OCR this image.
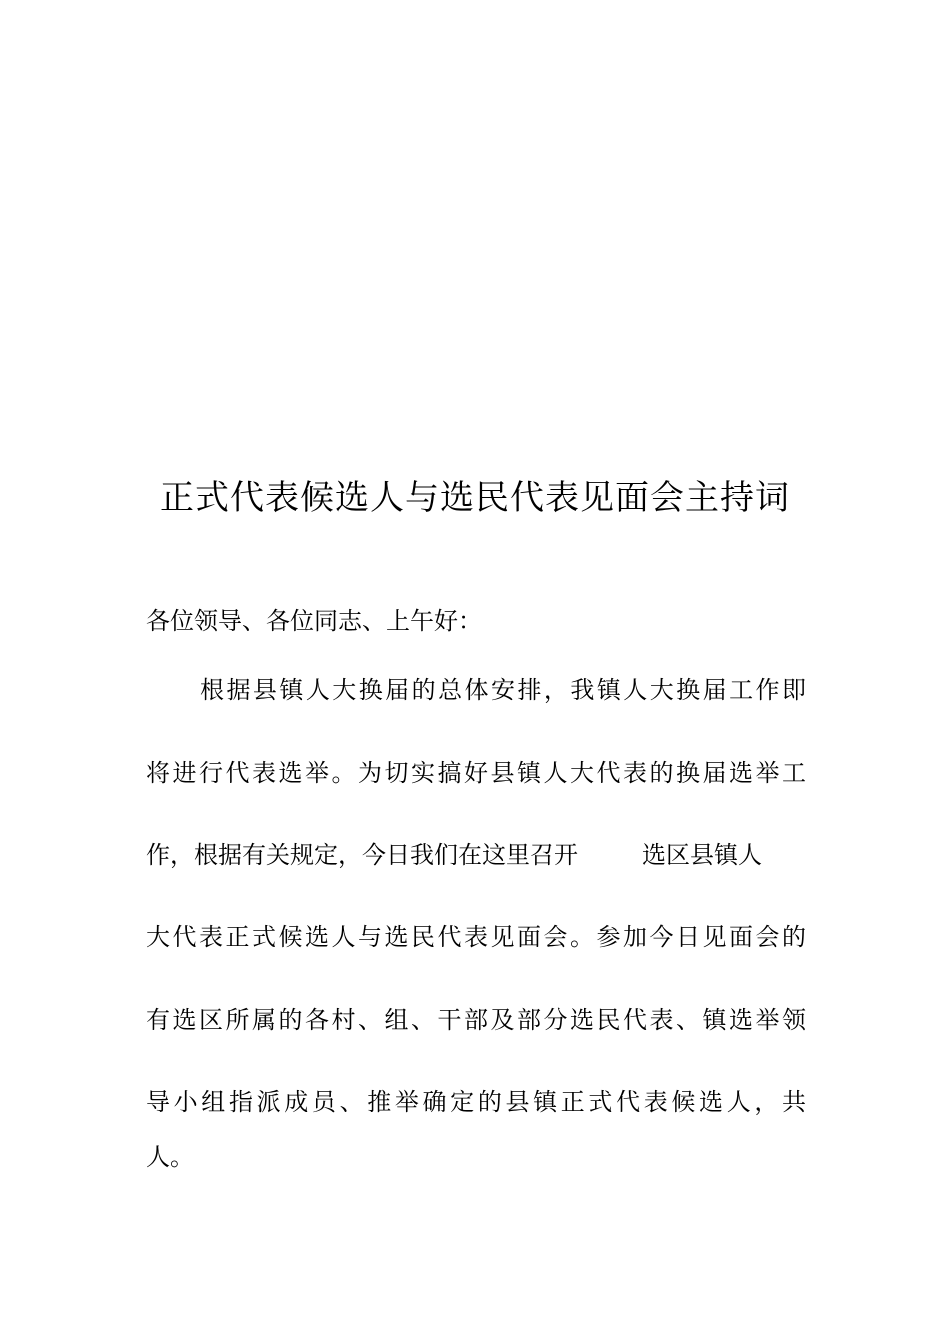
正式代表候选人与选民代表见面会主持词
各位领导、各位同志、上午好：
根据县镇人大换届的总体安排，我镇人大换届工作即
将进行代表选举。为切实搞好县镇人大代表的换届选举工
作，根据有关规定，今日我们在这里召开	选区县镇人
大代表正式候选人与选民代表见面会。参加今日见面会的
有选区所属的各村、组、干部及部分选民代表、镇选举领
导小组指派成员、推举确定的县镇正式代表候选人，共
人。
